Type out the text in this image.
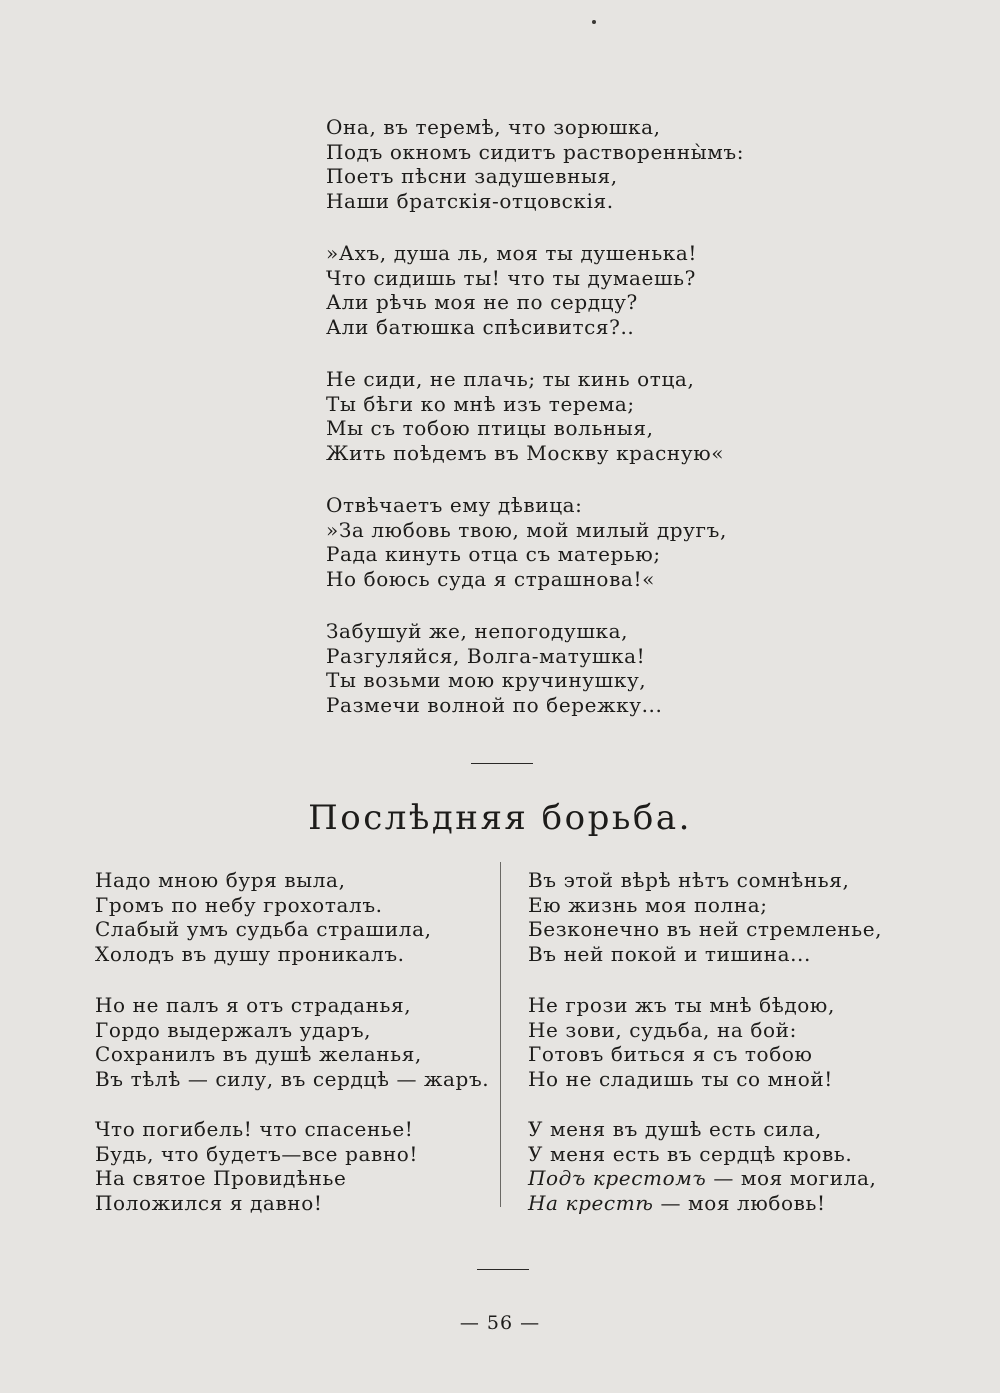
Она, въ теремѣ, что зорюшка,
Подъ окномъ сидитъ растворенны̀мъ:
Поетъ пѣсни задушевныя,
Наши братскія-отцовскія.
»Ахъ, душа ль, моя ты душенька!
Что сидишь ты! что ты думаешь?
Али рѣчь моя не по сердцу?
Али батюшка спѣсивится?..
Не сиди, не плачь; ты кинь отца,
Ты бѣги ко мнѣ изъ терема;
Мы съ тобою птицы вольныя,
Жить поѣдемъ въ Москву красную«
Отвѣчаетъ ему дѣвица:
»За любовь твою, мой милый другъ,
Рада кинуть отца съ матерью;
Но боюсь суда я страшнова!«
Забушуй же, непогодушка,
Разгуляйся, Волга-матушка!
Ты возьми мою кручинушку,
Размечи волной по бережку...
Послѣдняя борьба.
Надо мною буря выла,
Громъ по небу грохоталъ.
Слабый умъ судьба страшила,
Холодъ въ душу проникалъ.
Но не палъ я отъ страданья,
Гордо выдержалъ ударъ,
Сохранилъ въ душѣ желанья,
Въ тѣлѣ — силу, въ сердцѣ — жаръ.
Что погибель! что спасенье!
Будь, что будетъ—все равно!
На святое Провидѣнье
Положился я давно!
Въ этой вѣрѣ нѣтъ сомнѣнья,
Ею жизнь моя полна;
Безконечно въ ней стремленье,
Въ ней покой и тишина...
Не грози жъ ты мнѣ бѣдою,
Не зови, судьба, на бой:
Готовъ биться я съ тобою
Но не сладишь ты со мной!
У меня въ душѣ есть сила,
У меня есть въ сердцѣ кровь.
Подъ крестомъ — моя могила,
На крестѣ — моя любовь!
— 56 —
